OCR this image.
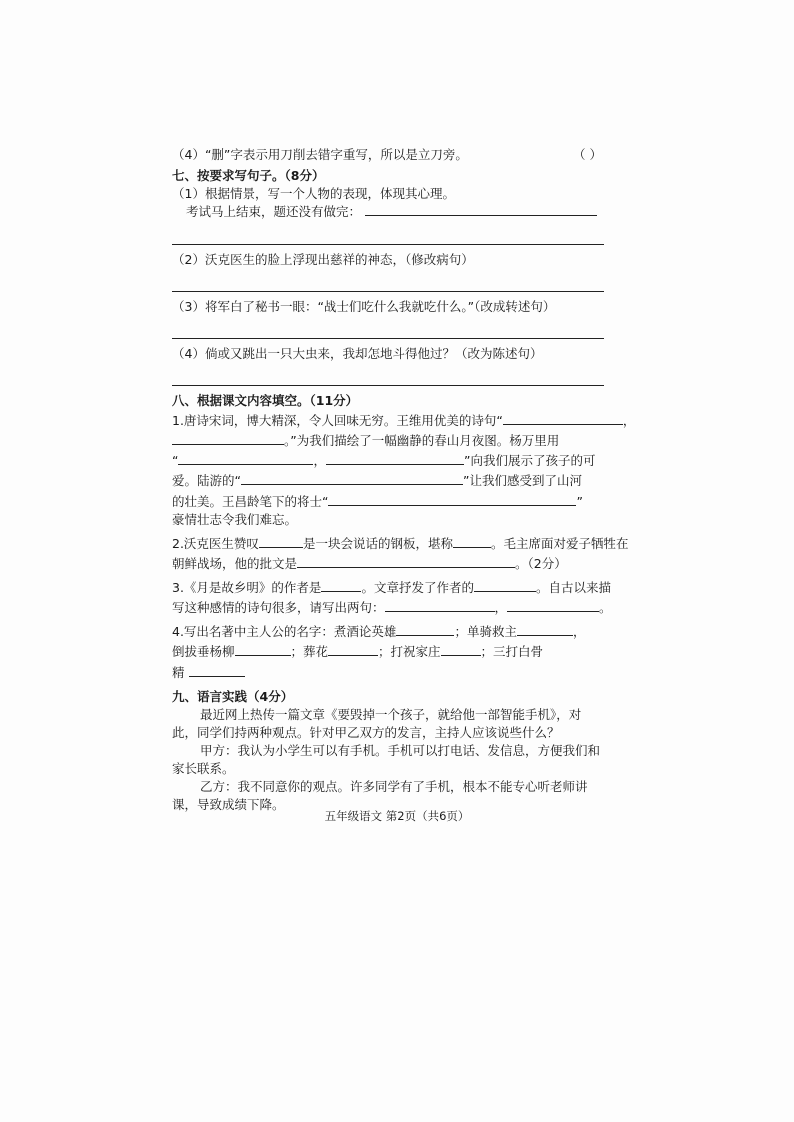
（4）“删”字表示用刀削去错字重写，所以是立刀旁。	（ ）
七、按要求写句子。（8分）
（1）根据情景，写一个人物的表现，体现其心理。
考试马上结束，题还没有做完：
（2）沃克医生的脸上浮现出慈祥的神态，（修改病句）
（3）将军白了秘书一眼：“战士们吃什么我就吃什么。”（改成转述句）
（4）倘或又跳出一只大虫来，我却怎地斗得他过？（改为陈述句）
八、根据课文内容填空。（11分）
1.唐诗宋词，博大精深，令人回味无穷。王维用优美的诗句“	，
。”为我们描绘了一幅幽静的春山月夜图。杨万里用
“	，	”向我们展示了孩子的可
爱。陆游的“	”让我们感受到了山河
的壮美。王昌龄笔下的将士“	”
豪情壮志令我们难忘。
2.沃克医生赞叹	是一块会说话的钢板，堪称	。毛主席面对爱子牺牲在
朝鲜战场，他的批文是	。（2分）
3.《月是故乡明》的作者是	。文章抒发了作者的	。自古以来描
写这种感情的诗句很多，请写出两句：	，	。
4.写出名著中主人公的名字：煮酒论英雄	；单骑救主	，
倒拔垂杨柳	；葬花	；打祝家庄	；三打白骨
精
九、语言实践（4分）
最近网上热传一篇文章《要毁掉一个孩子，就给他一部智能手机》，对此，同学们持两种观点。针对甲乙双方的发言，主持人应该说些什么？
甲方：我认为小学生可以有手机。手机可以打电话、发信息，方便我们和家长联系。
乙方：我不同意你的观点。许多同学有了手机，根本不能专心听老师讲课，导致成绩下降。
五年级语文 第2页（共6页）
